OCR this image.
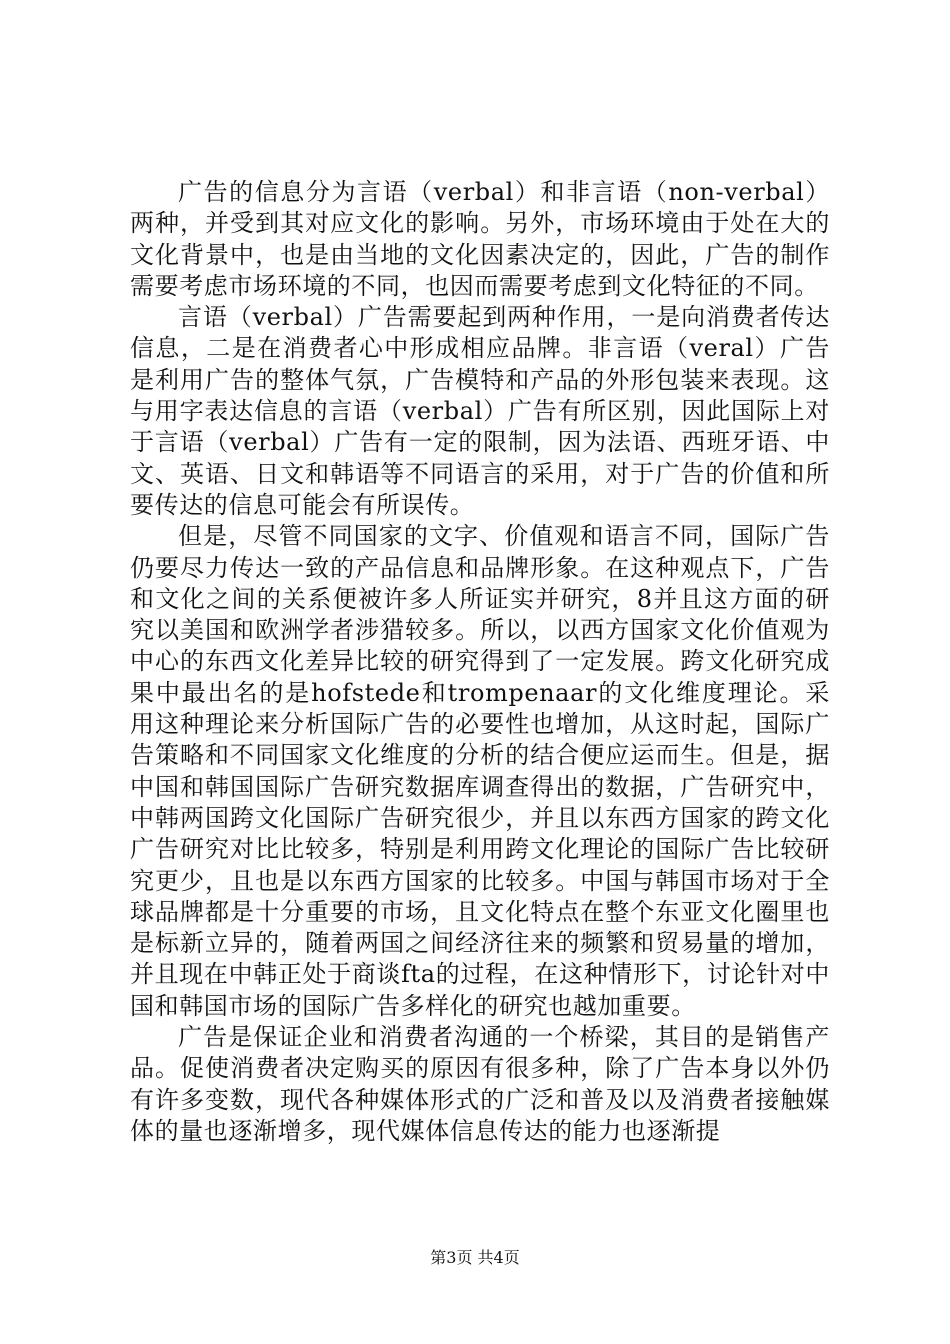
广告的信息分为言语（verbal）和非言语（non-verbal）两种，并受到其对应文化的影响。另外，市场环境由于处在大的文化背景中，也是由当地的文化因素决定的，因此，广告的制作需要考虑市场环境的不同，也因而需要考虑到文化特征的不同。

言语（verbal）广告需要起到两种作用，一是向消费者传达信息，二是在消费者心中形成相应品牌。非言语（veral）广告是利用广告的整体气氛，广告模特和产品的外形包装来表现。这与用字表达信息的言语（verbal）广告有所区别，因此国际上对于言语（verbal）广告有一定的限制，因为法语、西班牙语、中文、英语、日文和韩语等不同语言的采用，对于广告的价值和所要传达的信息可能会有所误传。

但是，尽管不同国家的文字、价值观和语言不同，国际广告仍要尽力传达一致的产品信息和品牌形象。在这种观点下，广告和文化之间的关系便被许多人所证实并研究，8并且这方面的研究以美国和欧洲学者涉猎较多。所以，以西方国家文化价值观为中心的东西文化差异比较的研究得到了一定发展。跨文化研究成果中最出名的是hofstede和trompenaar的文化维度理论。采用这种理论来分析国际广告的必要性也增加，从这时起，国际广告策略和不同国家文化维度的分析的结合便应运而生。但是，据中国和韩国国际广告研究数据库调查得出的数据，广告研究中，中韩两国跨文化国际广告研究很少，并且以东西方国家的跨文化广告研究对比比较多，特别是利用跨文化理论的国际广告比较研究更少，且也是以东西方国家的比较多。中国与韩国市场对于全球品牌都是十分重要的市场，且文化特点在整个东亚文化圈里也是标新立异的，随着两国之间经济往来的频繁和贸易量的增加，并且现在中韩正处于商谈fta的过程，在这种情形下，讨论针对中国和韩国市场的国际广告多样化的研究也越加重要。

广告是保证企业和消费者沟通的一个桥梁，其目的是销售产品。促使消费者决定购买的原因有很多种，除了广告本身以外仍有许多变数，现代各种媒体形式的广泛和普及以及消费者接触媒体的量也逐渐增多，现代媒体信息传达的能力也逐渐提

第3页 共4页
